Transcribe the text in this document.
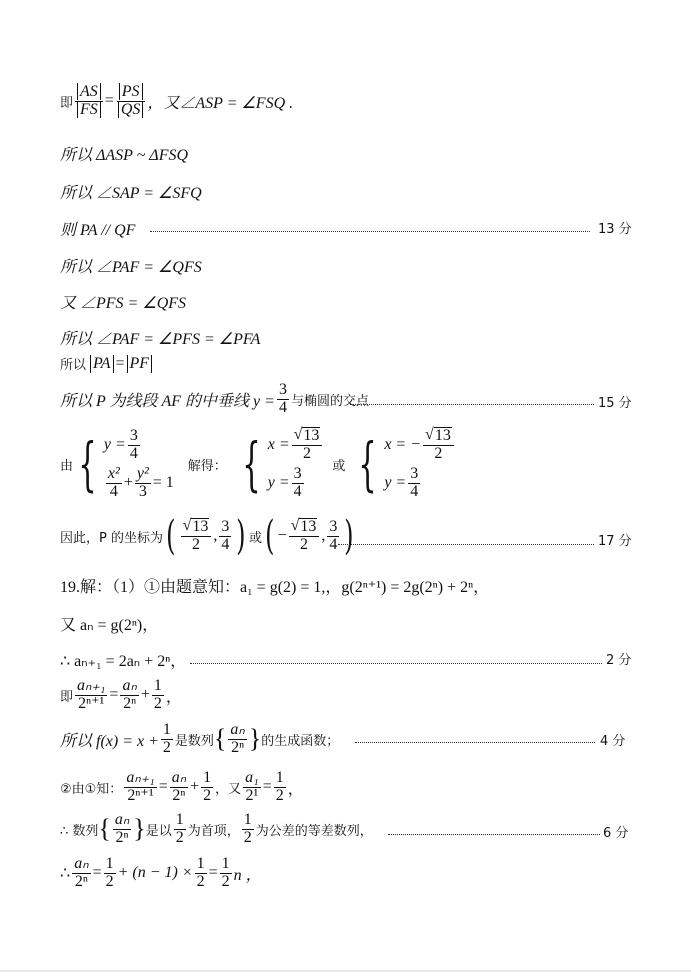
即 $\frac{AS}{FS} = \frac{PS}{QS}$ ，又∠ASP = ∠FSQ .
所以 ΔASP ~ ΔFSQ
所以 ∠SAP = ∠SFQ
则 PA // QF	13 分
所以 ∠PAF = ∠QFS
又 ∠PFS = ∠QFS
所以 ∠PAF = ∠PFS = ∠PFA
所以 PA = PF
所以 P 为线段 AF 的中垂线 $y = \frac{3}{4}$ 与椭圆的交点	15 分
由 { $y = \frac{3}{4}$
$\frac{\text{x²}}{4} + \frac{\text{y²}}{3} = 1$
解得： { $x = \frac{√ 13}{2}$
$y = \frac{3}{4}$ 或 { x = − $\frac{√ 13}{2}$
$y = \frac{3}{4}$
因此，P 的坐标为 ( $\frac{√ 13}{2}$ , $\frac{3}{4}$ ) 或 ( − $\frac{√ 13}{2}$ , $\frac{3}{4}$ )	17 分
19.解：（1）①由题意知：a₁ = g(2) = 1,，g(2ⁿ⁺¹) = 2g(2ⁿ) + 2ⁿ，
又 aₙ = g(2ⁿ)，
∴ aₙ₊₁ = 2aₙ + 2ⁿ，	2 分
即 $\frac{\text{aₙ₊₁}}{\text{2ⁿ⁺¹}} = \frac{\text{aₙ}}{\text{2ⁿ}} + \frac{1}{2}$ ，
所以 $f(x) = x + \frac{1}{2}$ 是数列 { $\frac{\text{aₙ}}{\text{2ⁿ}}$ } 的生成函数；	4 分
②由①知： $\frac{\text{aₙ₊₁}}{\text{2ⁿ⁺¹}} = \frac{\text{aₙ}}{\text{2ⁿ}} + \frac{1}{2}$ ，又 $\frac{\text{a₁}}{\text{2¹}} = \frac{1}{2}$ ，
∴ 数列 { $\frac{\text{aₙ}}{\text{2ⁿ}}$ } 是以 $\frac{1}{2}$ 为首项， $\frac{1}{2}$ 为公差的等差数列，	6 分
∴ $\frac{\text{aₙ}}{\text{2ⁿ}} = \frac{1}{2} + (n - 1) \times \frac{1}{2} = \frac{1}{2}$ n ，
